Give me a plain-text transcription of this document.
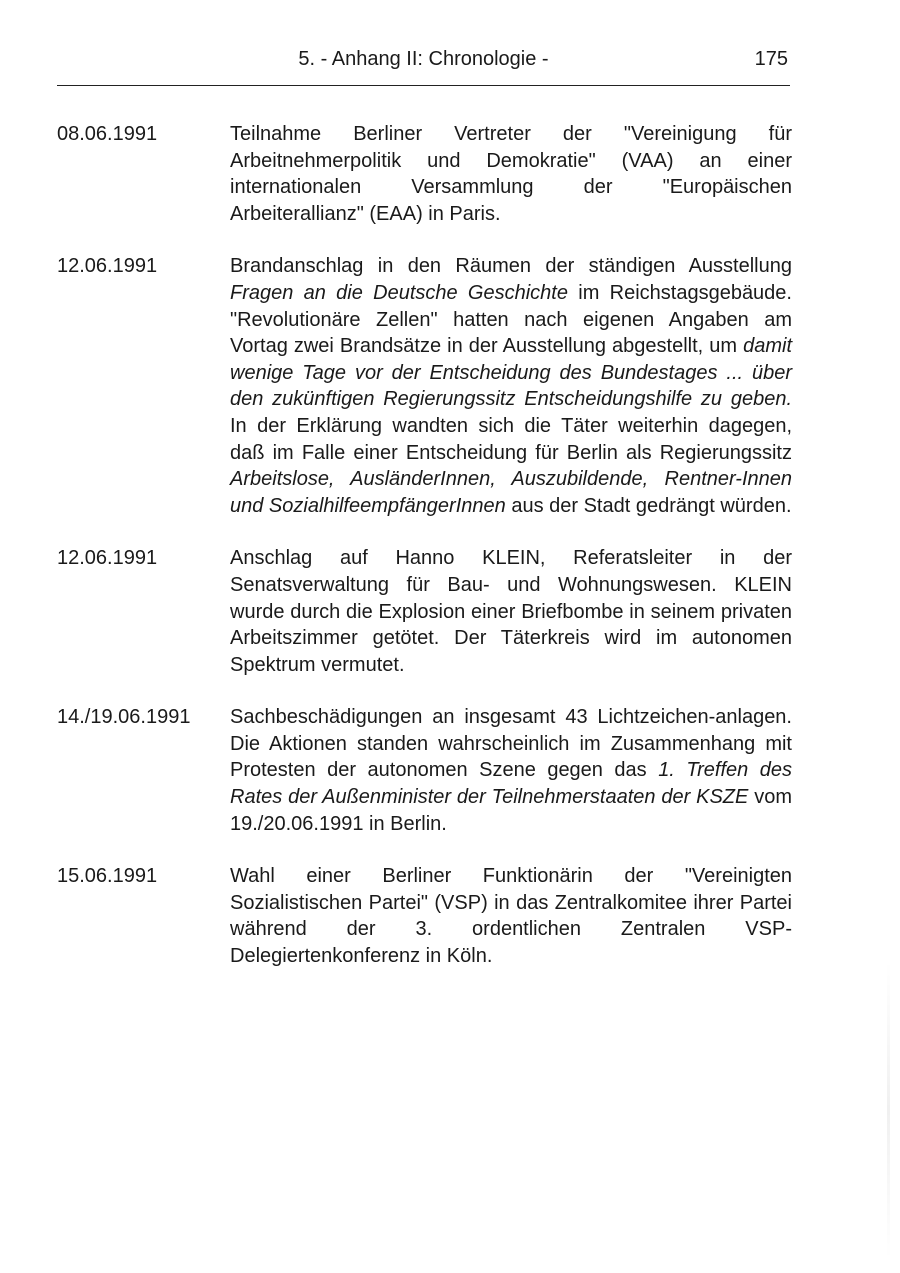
5. - Anhang II: Chronologie -	175
08.06.1991	Teilnahme Berliner Vertreter der "Vereinigung für Arbeitnehmerpolitik und Demokratie" (VAA) an einer internationalen Versammlung der "Europäischen Arbeiterallianz" (EAA) in Paris.
12.06.1991	Brandanschlag in den Räumen der ständigen Ausstellung Fragen an die Deutsche Geschichte im Reichstagsgebäude. "Revolutionäre Zellen" hatten nach eigenen Angaben am Vortag zwei Brandsätze in der Ausstellung abgestellt, um damit wenige Tage vor der Entscheidung des Bundestages ... über den zukünftigen Regierungssitz Entscheidungshilfe zu geben. In der Erklärung wandten sich die Täter weiterhin dagegen, daß im Falle einer Entscheidung für Berlin als Regierungssitz Arbeitslose, AusländerInnen, Auszubildende, Rentner-Innen und SozialhilfeempfängerInnen aus der Stadt gedrängt würden.
12.06.1991	Anschlag auf Hanno KLEIN, Referatsleiter in der Senatsverwaltung für Bau- und Wohnungswesen. KLEIN wurde durch die Explosion einer Briefbombe in seinem privaten Arbeitszimmer getötet. Der Täterkreis wird im autonomen Spektrum vermutet.
14./19.06.1991 Sachbeschädigungen an insgesamt 43 Lichtzeichen-anlagen. Die Aktionen standen wahrscheinlich im Zusammenhang mit Protesten der autonomen Szene gegen das 1. Treffen des Rates der Außenminister der Teilnehmerstaaten der KSZE vom 19./20.06.1991 in Berlin.
15.06.1991	Wahl einer Berliner Funktionärin der "Vereinigten Sozialistischen Partei" (VSP) in das Zentralkomitee ihrer Partei während der 3. ordentlichen Zentralen VSP-Delegiertenkonferenz in Köln.
